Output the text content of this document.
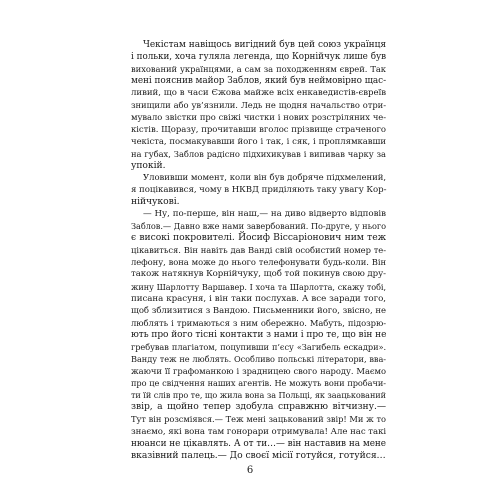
Чекістам навіщось вигідний був цей союз українця
і польки, хоча гуляла легенда, що Корнійчук лише був
вихований українцями, а сам за походженням єврей. Так
мені пояснив майор Заблов, який був неймовірно щас-
ливий, що в часи Єжова майже всіх енкаведистів-євреїв
знищили або ув’язнили. Ледь не щодня начальство отри-
мувало звістки про свіжі чистки і нових розстріляних че-
кістів. Щоразу, прочитавши вголос прізвище страченого
чекіста, посмакувавши його і так, і сяк, і проплямкавши
на губах, Заблов радісно підхихикував і випивав чарку за
упокій.
Уловивши момент, коли він був добряче підхмелений,
я поцікавився, чому в НКВД приділяють таку увагу Кор-
нійчукові.
— Ну, по-перше, він наш,— на диво відверто відповів
Заблов.— Давно вже нами завербований. По-друге, у нього
є високі покровителі. Йосиф Вісcаріонович ним теж
цікавиться. Він навіть дав Ванді свій особистий номер те-
лефону, вона може до нього телефонувати будь-коли. Він
також натякнув Корнійчуку, щоб той покинув свою дру-
жину Шарлотту Варшавер. І хоча та Шарлотта, скажу тобі,
писана красуня, і він таки послухав. А все заради того,
щоб зблизитися з Вандою. Письменники його, звісно, не
люблять і тримаються з ним обережно. Мабуть, підозрю-
ють про його тісні контакти з нами і про те, що він не
гребував плагіатом, поцупивши п’єсу «Загибель ескадри».
Ванду теж не люблять. Особливо польські літератори, вва-
жаючи її графоманкою і зрадницею свого народу. Маємо
про це свідчення наших агентів. Не можуть вони пробачи-
ти їй слів про те, що жила вона за Польщі, як заацькований
звір, а щойно тепер здобула справжню вітчизну.—
Тут він розсміявся.— Теж мені зацькований звір! Ми ж то
знаємо, які вона там гонорари отримувала! Але нас такі
нюанси не цікавлять. А от ти…— він наставив на мене
вказівний палець.— До своєї місії готуйся, готуйся…
6
